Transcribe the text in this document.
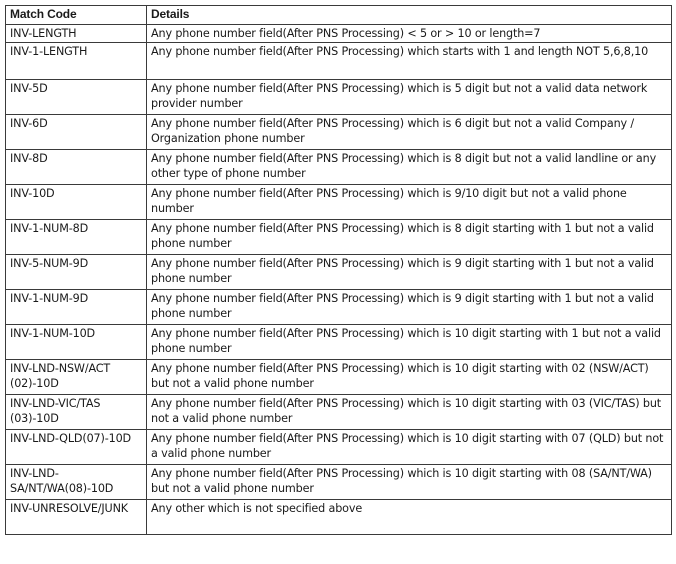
Match Code	Details
INV-LENGTH	Any phone number field(After PNS Processing) < 5 or > 10 or length=7
INV-1-LENGTH	Any phone number field(After PNS Processing) which starts with 1 and length NOT 5,6,8,10
INV-5D	Any phone number field(After PNS Processing) which is 5 digit but not a valid data network provider number
INV-6D	Any phone number field(After PNS Processing) which is 6 digit but not a valid Company / Organization phone number
INV-8D	Any phone number field(After PNS Processing) which is 8 digit but not a valid landline or any other type of phone number
INV-10D	Any phone number field(After PNS Processing) which is 9/10 digit but not a valid phone number
INV-1-NUM-8D	Any phone number field(After PNS Processing) which is 8 digit starting with 1 but not a valid phone number
INV-5-NUM-9D	Any phone number field(After PNS Processing) which is 9 digit starting with 1 but not a valid phone number
INV-1-NUM-9D	Any phone number field(After PNS Processing) which is 9 digit starting with 1 but not a valid phone number
INV-1-NUM-10D	Any phone number field(After PNS Processing) which is 10 digit starting with 1 but not a valid phone number
INV-LND-NSW/ACT (02)-10D	Any phone number field(After PNS Processing) which is 10 digit starting with 02 (NSW/ACT) but not a valid phone number
INV-LND-VIC/TAS (03)-10D	Any phone number field(After PNS Processing) which is 10 digit starting with 03 (VIC/TAS) but not a valid phone number
INV-LND-QLD(07)-10D	Any phone number field(After PNS Processing) which is 10 digit starting with 07 (QLD) but not a valid phone number
INV-LND-SA/NT/WA(08)-10D	Any phone number field(After PNS Processing) which is 10 digit starting with 08 (SA/NT/WA) but not a valid phone number
INV-UNRESOLVE/JUNK	Any other which is not specified above
